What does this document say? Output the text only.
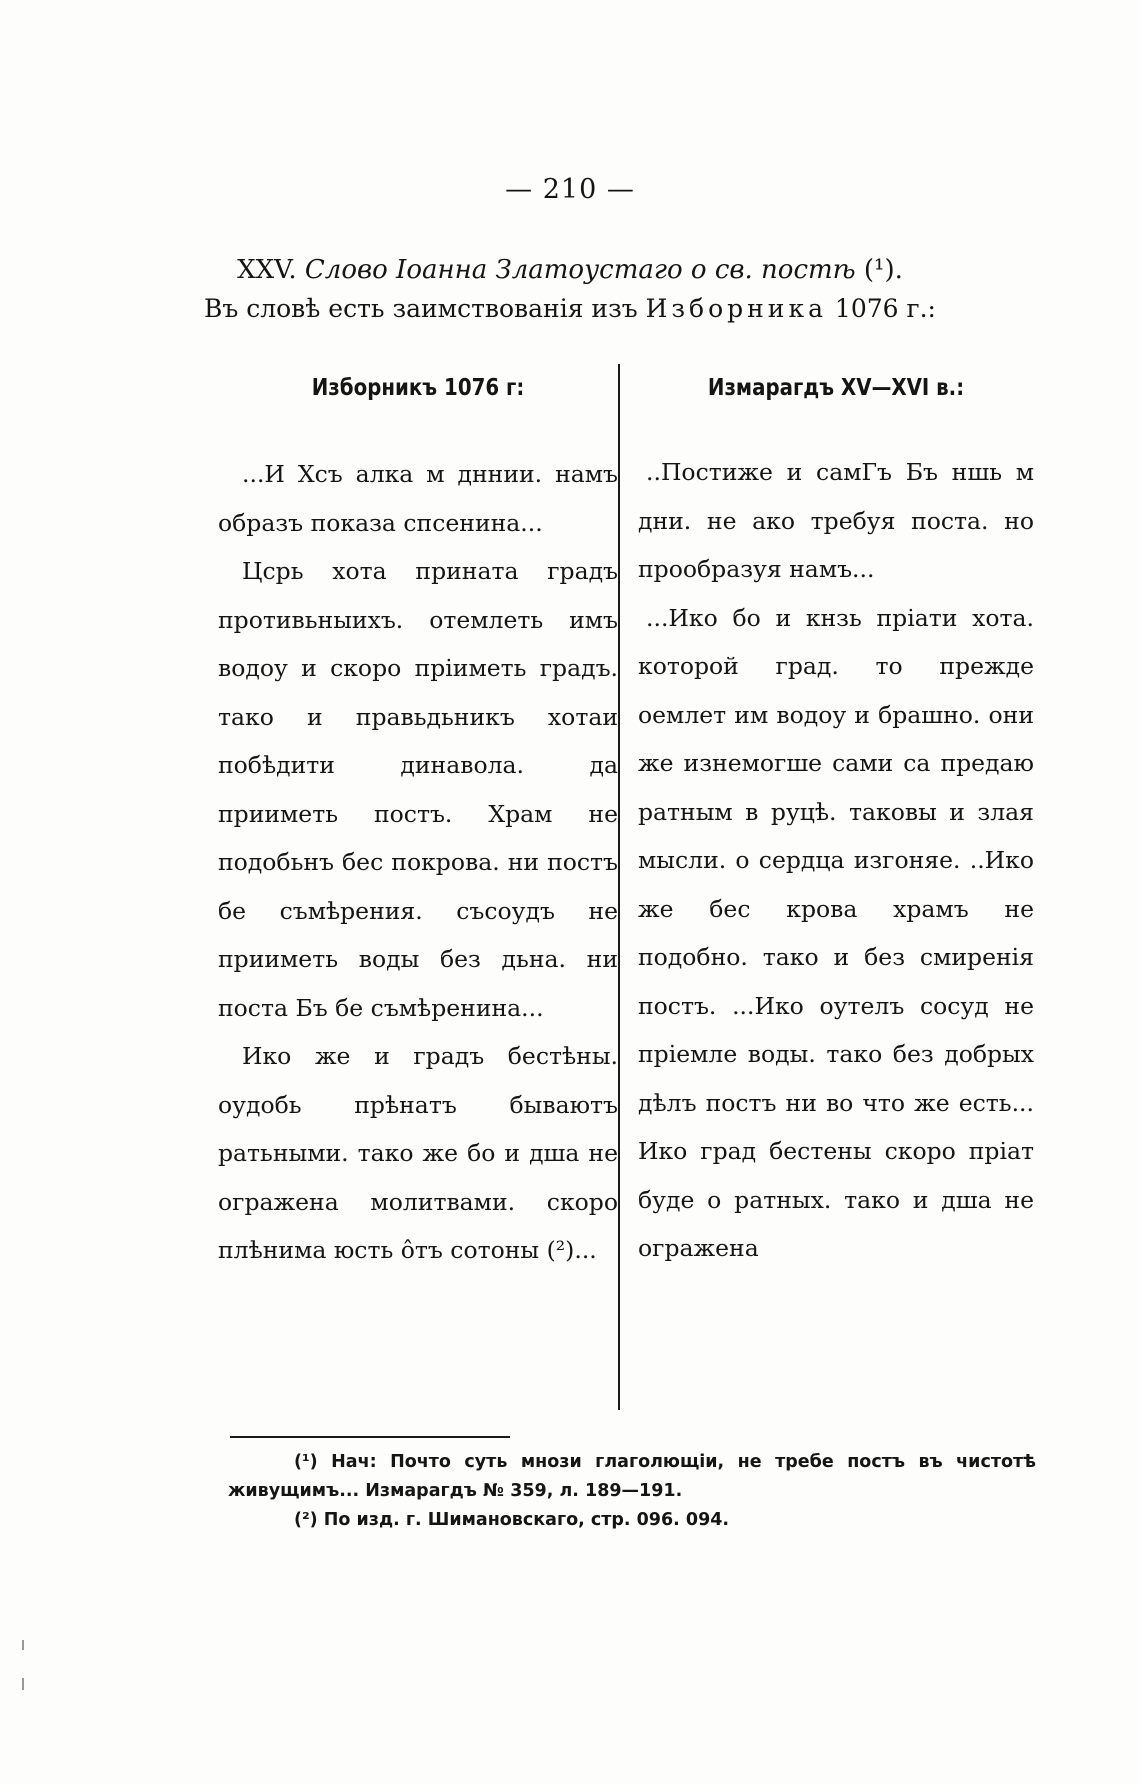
— 210 —
XXV. Слово Іоанна Златоустаго о св. постѣ (¹).
Въ словѣ есть заимствованія изъ Изборника 1076 г.:
Изборникъ 1076 г:

...И Хсъ алка м дннии. намъ образъ показа спсенина...

Цсрь хота прината градъ противьныихъ. отемлеть имъ водоу и скоро прiиметь градъ. тако и правьдьникъ хотаи побѣдити динавола. да прииметь постъ. Храм не подобьнъ бес покрова. ни постъ бе съмѣрения. съсоудъ не прииметь воды без дьна. ни поста Бъ бе съмѣренина...

Ико же и градъ бестѣны. оудобь прѣнатъ бываютъ ратьными. тако же бо и дша не огражена молитвами. скоро плѣнима юсть ôтъ сотоны (²)...

Измарагдъ XV—XVI в.:

..Постиже и самГъ Бъ ншь м дни. не ако требуя поста. но прообразуя намъ...

...Ико бо и кнзь прiати хота. которой град. то прежде оемлет им водоу и брашно. они же изнемогше сами са предаю ратным в руцѣ. таковы и злая мысли. о сердца изгоняе. ..Ико же бес крова храмъ не подобно. тако и без смиренiя постъ. ...Ико оутелъ сосуд не прiемле воды. тако без добрых дѣлъ постъ ни во что же есть... Ико град бестены скоро прiат буде о ратных. тако и дша не огражена

(¹) Нач: Почто суть мнози глаголющiи, не требе постъ въ чистотѣ живущимъ... Измарагдъ № 359, л. 189—191.

(²) По изд. г. Шимановскаго, стр. 096. 094.
